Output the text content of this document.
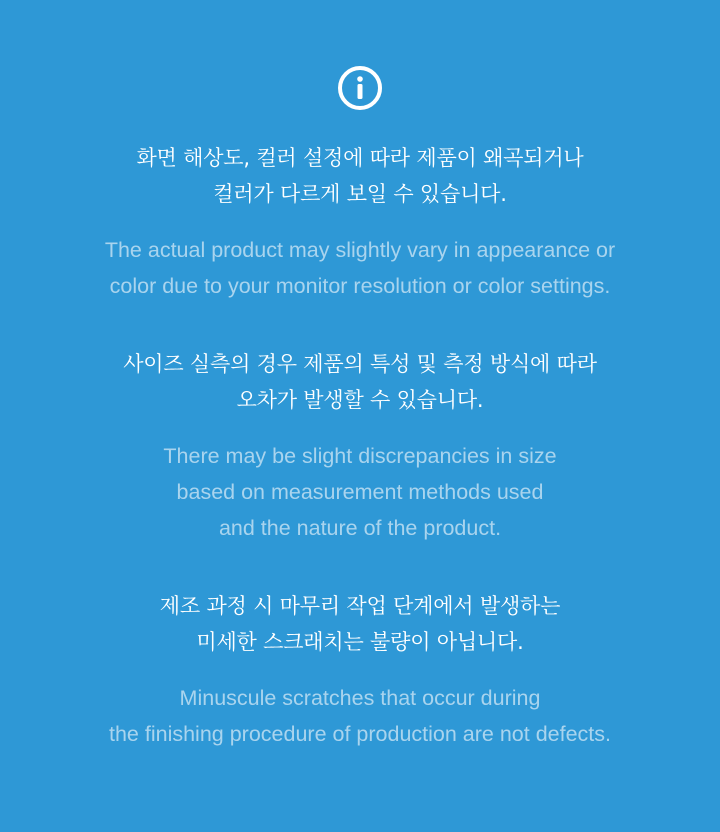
화면 해상도, 컬러 설정에 따라 제품이 왜곡되거나
컬러가 다르게 보일 수 있습니다.

The actual product may slightly vary in appearance or
color due to your monitor resolution or color settings.

사이즈 실측의 경우 제품의 특성 및 측정 방식에 따라
오차가 발생할 수 있습니다.

There may be slight discrepancies in size
based on measurement methods used
and the nature of the product.

제조 과정 시 마무리 작업 단계에서 발생하는
미세한 스크래치는 불량이 아닙니다.

Minuscule scratches that occur during
the finishing procedure of production are not defects.
